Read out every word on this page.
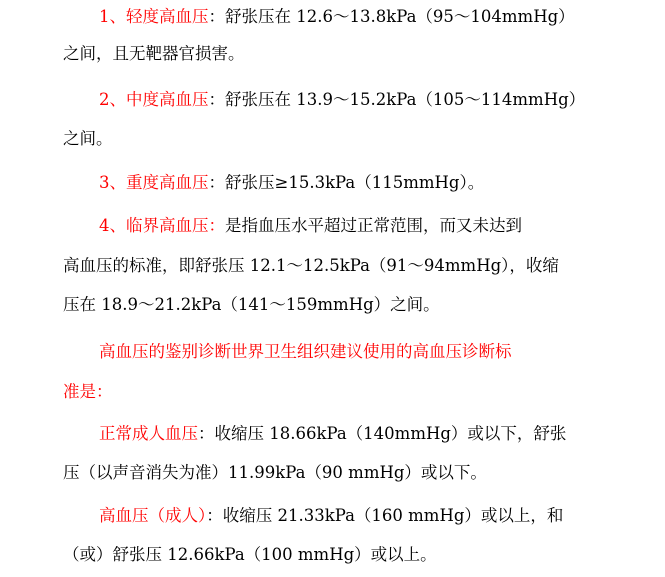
1、轻度高血压：舒张压在 12.6～13.8kPa（95～104mmHg）
之间，且无靶器官损害。
2、中度高血压：舒张压在 13.9～15.2kPa（105～114mmHg）
之间。
3、重度高血压：舒张压≥15.3kPa（115mmHg）。
4、临界高血压：是指血压水平超过正常范围，而又未达到
高血压的标准，即舒张压 12.1～12.5kPa（91～94mmHg），收缩
压在 18.9～21.2kPa（141～159mmHg）之间。
高血压的鉴别诊断世界卫生组织建议使用的高血压诊断标
准是：
正常成人血压：收缩压 18.66kPa（140mmHg）或以下，舒张
压（以声音消失为准）11.99kPa（90 mmHg）或以下。
高血压（成人）：收缩压 21.33kPa（160 mmHg）或以上，和
（或）舒张压 12.66kPa（100 mmHg）或以上。
